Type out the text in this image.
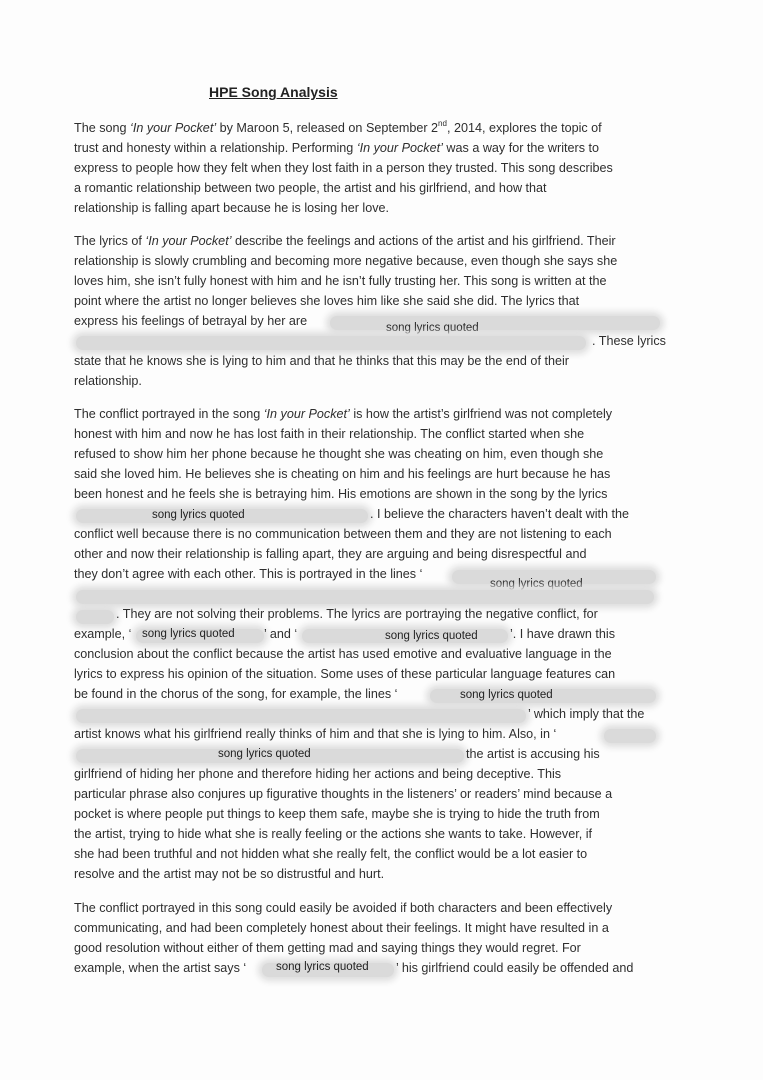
HPE Song Analysis
The song ‘In your Pocket’ by Maroon 5, released on September 2nd, 2014, explores the topic of
trust and honesty within a relationship. Performing ‘In your Pocket’ was a way for the writers to
express to people how they felt when they lost faith in a person they trusted. This song describes
a romantic relationship between two people, the artist and his girlfriend, and how that
relationship is falling apart because he is losing her love.
The lyrics of ‘In your Pocket’ describe the feelings and actions of the artist and his girlfriend. Their
relationship is slowly crumbling and becoming more negative because, even though she says she
loves him, she isn’t fully honest with him and he isn’t fully trusting her. This song is written at the
point where the artist no longer believes she loves him like she said she did. The lyrics that
express his feelings of betrayal by her are	song lyrics quoted
. These lyrics
state that he knows she is lying to him and that he thinks that this may be the end of their
relationship.
The conflict portrayed in the song ‘In your Pocket’ is how the artist’s girlfriend was not completely
honest with him and now he has lost faith in their relationship. The conflict started when she
refused to show him her phone because he thought she was cheating on him, even though she
said she loved him. He believes she is cheating on him and his feelings are hurt because he has
been honest and he feels she is betraying him. His emotions are shown in the song by the lyrics
song lyrics quoted	. I believe the characters haven’t dealt with the
conflict well because there is no communication between them and they are not listening to each
other and now their relationship is falling apart, they are arguing and being disrespectful and
they don’t agree with each other. This is portrayed in the lines ‘
song lyrics quoted
. They are not solving their problems. The lyrics are portraying the negative conflict, for
example, ‘ song lyrics quoted ’ and ‘	song lyrics quoted	’. I have drawn this
conclusion about the conflict because the artist has used emotive and evaluative language in the
lyrics to express his opinion of the situation. Some uses of these particular language features can
be found in the chorus of the song, for example, the lines ‘	song lyrics quoted
’ which imply that the
artist knows what his girlfriend really thinks of him and that she is lying to him. Also, in ‘
song lyrics quoted	the artist is accusing his
girlfriend of hiding her phone and therefore hiding her actions and being deceptive. This
particular phrase also conjures up figurative thoughts in the listeners’ or readers’ mind because a
pocket is where people put things to keep them safe, maybe she is trying to hide the truth from
the artist, trying to hide what she is really feeling or the actions she wants to take. However, if
she had been truthful and not hidden what she really felt, the conflict would be a lot easier to
resolve and the artist may not be so distrustful and hurt.
The conflict portrayed in this song could easily be avoided if both characters and been effectively
communicating, and had been completely honest about their feelings. It might have resulted in a
good resolution without either of them getting mad and saying things they would regret. For
example, when the artist says ‘	song lyrics quoted ’ his girlfriend could easily be offended and
